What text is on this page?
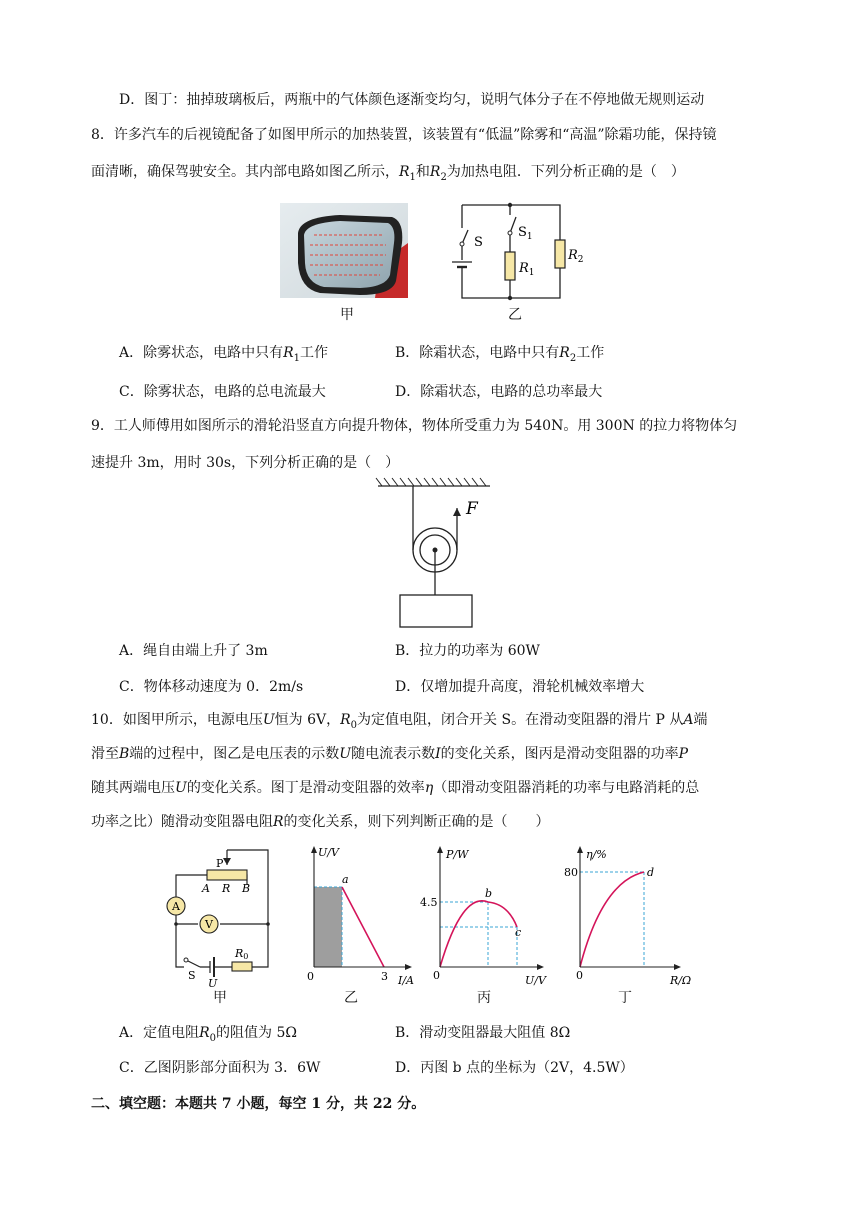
D．图丁：抽掉玻璃板后，两瓶中的气体颜色逐渐变均匀，说明气体分子在不停地做无规则运动
8．许多汽车的后视镜配备了如图甲所示的加热装置，该装置有“低温”除雾和“高温”除霜功能，保持镜
面清晰，确保驾驶安全。其内部电路如图乙所示，$R_1$和$R_2$为加热电阻．下列分析正确的是（　）
甲
S
$S_1$
$R_1$
$R_2$
乙
A．除雾状态，电路中只有$R_1$工作	B．除霜状态，电路中只有$R_2$工作
C．除雾状态，电路的总电流最大	D．除霜状态，电路的总功率最大
9．工人师傅用如图所示的滑轮沿竖直方向提升物体，物体所受重力为 540N。用 300N 的拉力将物体匀
速提升 3m，用时 30s，下列分析正确的是（　）
F
A．绳自由端上升了 3m	B．拉力的功率为 60W
C．物体移动速度为 0．2m/s	D．仅增加提升高度，滑轮机械效率增大
10．如图甲所示，电源电压U恒为 6V，$R_0$为定值电阻，闭合开关 S。在滑动变阻器的滑片 P 从A端
滑至B端的过程中，图乙是电压表的示数U随电流表示数I的变化关系，图丙是滑动变阻器的功率P
随其两端电压U的变化关系。图丁是滑动变阻器的效率η（即滑动变阻器消耗的功率与电路消耗的总
功率之比）随滑动变阻器电阻R的变化关系，则下列判断正确的是（　　）
P
A R B
A
V
S
U
R0
甲
U/V
I/A
0	3
a
乙
P/W
U/V
0
4.5
b
c
丙
η/%
R/Ω
0
80	d
丁
A．定值电阻$R_0$的阻值为 5Ω	B．滑动变阻器最大阻值 8Ω
C．乙图阴影部分面积为 3．6W	D．丙图 b 点的坐标为（2V，4.5W）
二、填空题：本题共 7 小题，每空 1 分，共 22 分。
